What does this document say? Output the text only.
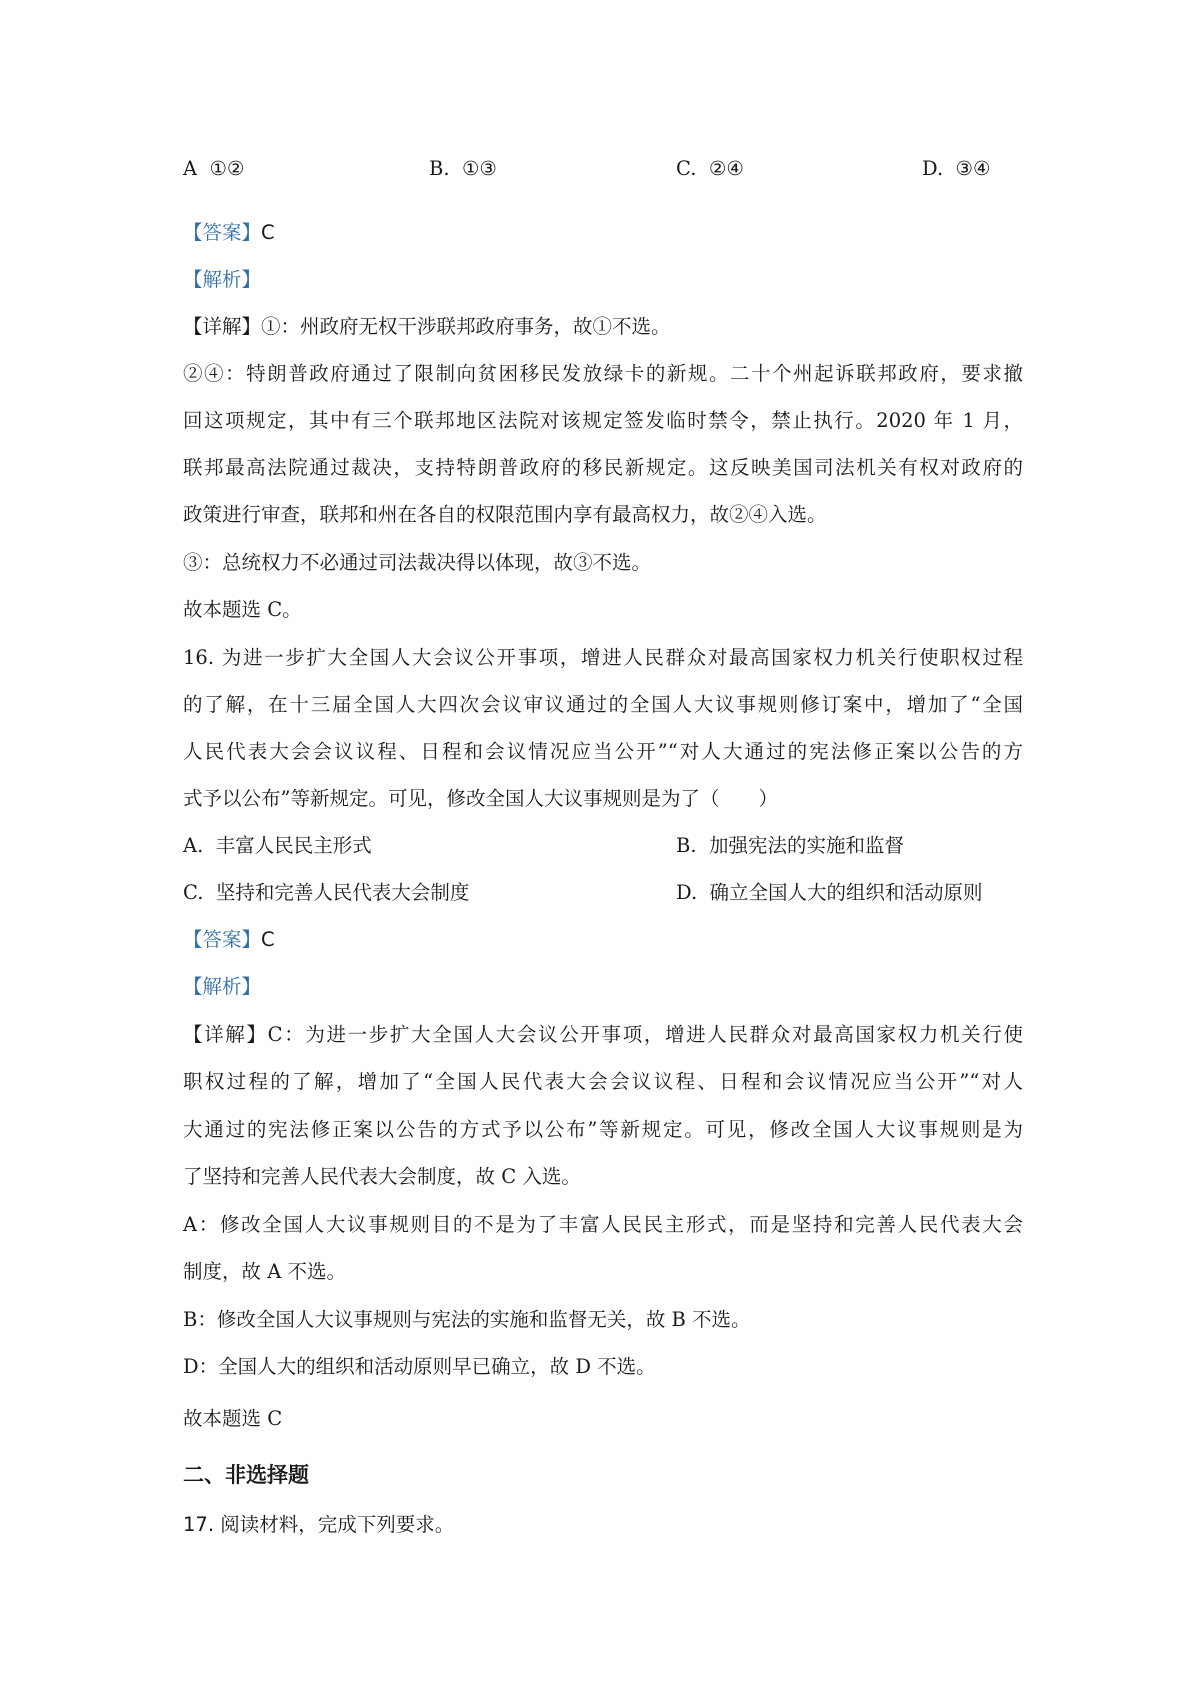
A ①②	B. ①③	C. ②④	D. ③④
【答案】C
【解析】
【详解】①：州政府无权干涉联邦政府事务，故①不选。
②④：特朗普政府通过了限制向贫困移民发放绿卡的新规。二十个州起诉联邦政府，要求撤
回这项规定，其中有三个联邦地区法院对该规定签发临时禁令，禁止执行。2020 年 1 月，
联邦最高法院通过裁决，支持特朗普政府的移民新规定。这反映美国司法机关有权对政府的
政策进行审查，联邦和州在各自的权限范围内享有最高权力，故②④入选。
③：总统权力不必通过司法裁决得以体现，故③不选。
故本题选 C。
16. 为进一步扩大全国人大会议公开事项，增进人民群众对最高国家权力机关行使职权过程
的了解，在十三届全国人大四次会议审议通过的全国人大议事规则修订案中，增加了“全国
人民代表大会会议议程、日程和会议情况应当公开”“对人大通过的宪法修正案以公告的方
式予以公布”等新规定。可见，修改全国人大议事规则是为了（　　）
A. 丰富人民民主形式	B. 加强宪法的实施和监督
C. 坚持和完善人民代表大会制度	D. 确立全国人大的组织和活动原则
【答案】C
【解析】
【详解】C：为进一步扩大全国人大会议公开事项，增进人民群众对最高国家权力机关行使
职权过程的了解，增加了“全国人民代表大会会议议程、日程和会议情况应当公开”“对人
大通过的宪法修正案以公告的方式予以公布”等新规定。可见，修改全国人大议事规则是为
了坚持和完善人民代表大会制度，故 C 入选。
A：修改全国人大议事规则目的不是为了丰富人民民主形式，而是坚持和完善人民代表大会
制度，故 A 不选。
B：修改全国人大议事规则与宪法的实施和监督无关，故 B 不选。
D：全国人大的组织和活动原则早已确立，故 D 不选。
故本题选 C
二、非选择题
17. 阅读材料，完成下列要求。
